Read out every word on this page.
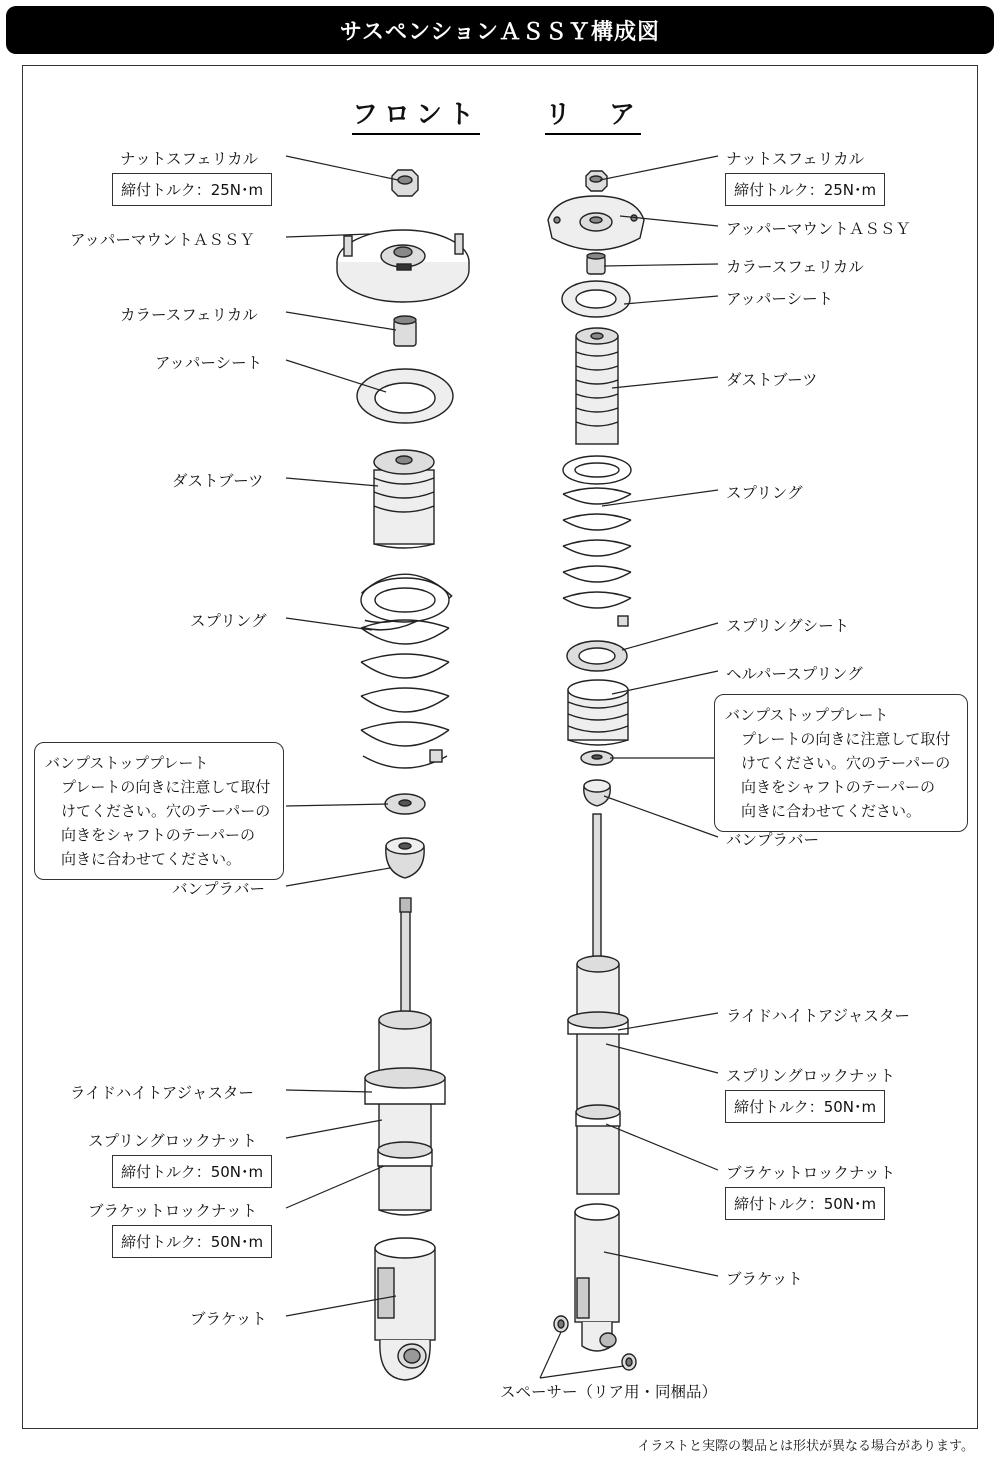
サスペンションＡＳＳＹ構成図
フロント リ　ア
ナットスフェリカル
締付トルク：25N･m
アッパーマウントＡＳＳＹ
カラースフェリカル
アッパーシート
ダストブーツ
スプリング
バンプストッププレート
プレートの向きに注意して取付
けてください。穴のテーパーの
向きをシャフトのテーパーの
向きに合わせてください。
バンプラバー
ライドハイトアジャスター
スプリングロックナット
締付トルク：50N･m
ブラケットロックナット
締付トルク：50N･m
ブラケット
ナットスフェリカル
締付トルク：25N･m
アッパーマウントＡＳＳＹ
カラースフェリカル
アッパーシート
ダストブーツ
スプリング
スプリングシート
ヘルパースプリング
バンプストッププレート
プレートの向きに注意して取付
けてください。穴のテーパーの
向きをシャフトのテーパーの
向きに合わせてください。
バンプラバー
ライドハイトアジャスター
スプリングロックナット
締付トルク：50N･m
ブラケットロックナット
締付トルク：50N･m
ブラケット
スペーサー（リア用・同梱品）
イラストと実際の製品とは形状が異なる場合があります。
